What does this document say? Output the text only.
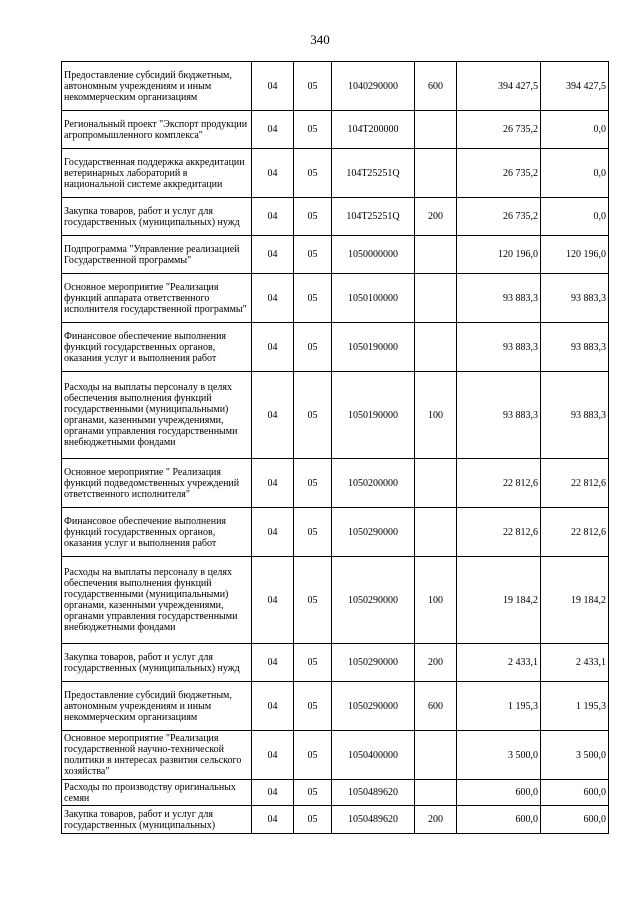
340
Предоставление субсидий бюджетным, автономным учреждениям и иным некоммерческим организациям	04	05	1040290000	600	394 427,5	394 427,5
Региональный проект "Экспорт продукции агропромышленного комплекса"	04	05	104T200000		26 735,2	0,0
Государственная поддержка аккредитации ветеринарных лабораторий в национальной системе аккредитации	04	05	104T25251Q		26 735,2	0,0
Закупка товаров, работ и услуг для государственных (муниципальных) нужд	04	05	104T25251Q	200	26 735,2	0,0
Подпрограмма "Управление реализацией Государственной программы"	04	05	1050000000		120 196,0	120 196,0
Основное мероприятие "Реализация функций аппарата ответственного исполнителя государственной программы"	04	05	1050100000		93 883,3	93 883,3
Финансовое обеспечение выполнения функций государственных органов, оказания услуг и выполнения работ	04	05	1050190000		93 883,3	93 883,3
Расходы на выплаты персоналу в целях обеспечения выполнения функций государственными (муниципальными) органами, казенными учреждениями, органами управления государственными внебюджетными фондами	04	05	1050190000	100	93 883,3	93 883,3
Основное мероприятие " Реализация функций подведомственных учреждений ответственного исполнителя"	04	05	1050200000		22 812,6	22 812,6
Финансовое обеспечение выполнения функций государственных органов, оказания услуг и выполнения работ	04	05	1050290000		22 812,6	22 812,6
Расходы на выплаты персоналу в целях обеспечения выполнения функций государственными (муниципальными) органами, казенными учреждениями, органами управления государственными внебюджетными фондами	04	05	1050290000	100	19 184,2	19 184,2
Закупка товаров, работ и услуг для государственных (муниципальных) нужд	04	05	1050290000	200	2 433,1	2 433,1
Предоставление субсидий бюджетным, автономным учреждениям и иным некоммерческим организациям	04	05	1050290000	600	1 195,3	1 195,3
Основное мероприятие "Реализация государственной научно-технической политики в интересах развития сельского хозяйства"	04	05	1050400000		3 500,0	3 500,0
Расходы по производству оригинальных семян	04	05	1050489620		600,0	600,0
Закупка товаров, работ и услуг для государственных (муниципальных)	04	05	1050489620	200	600,0	600,0
